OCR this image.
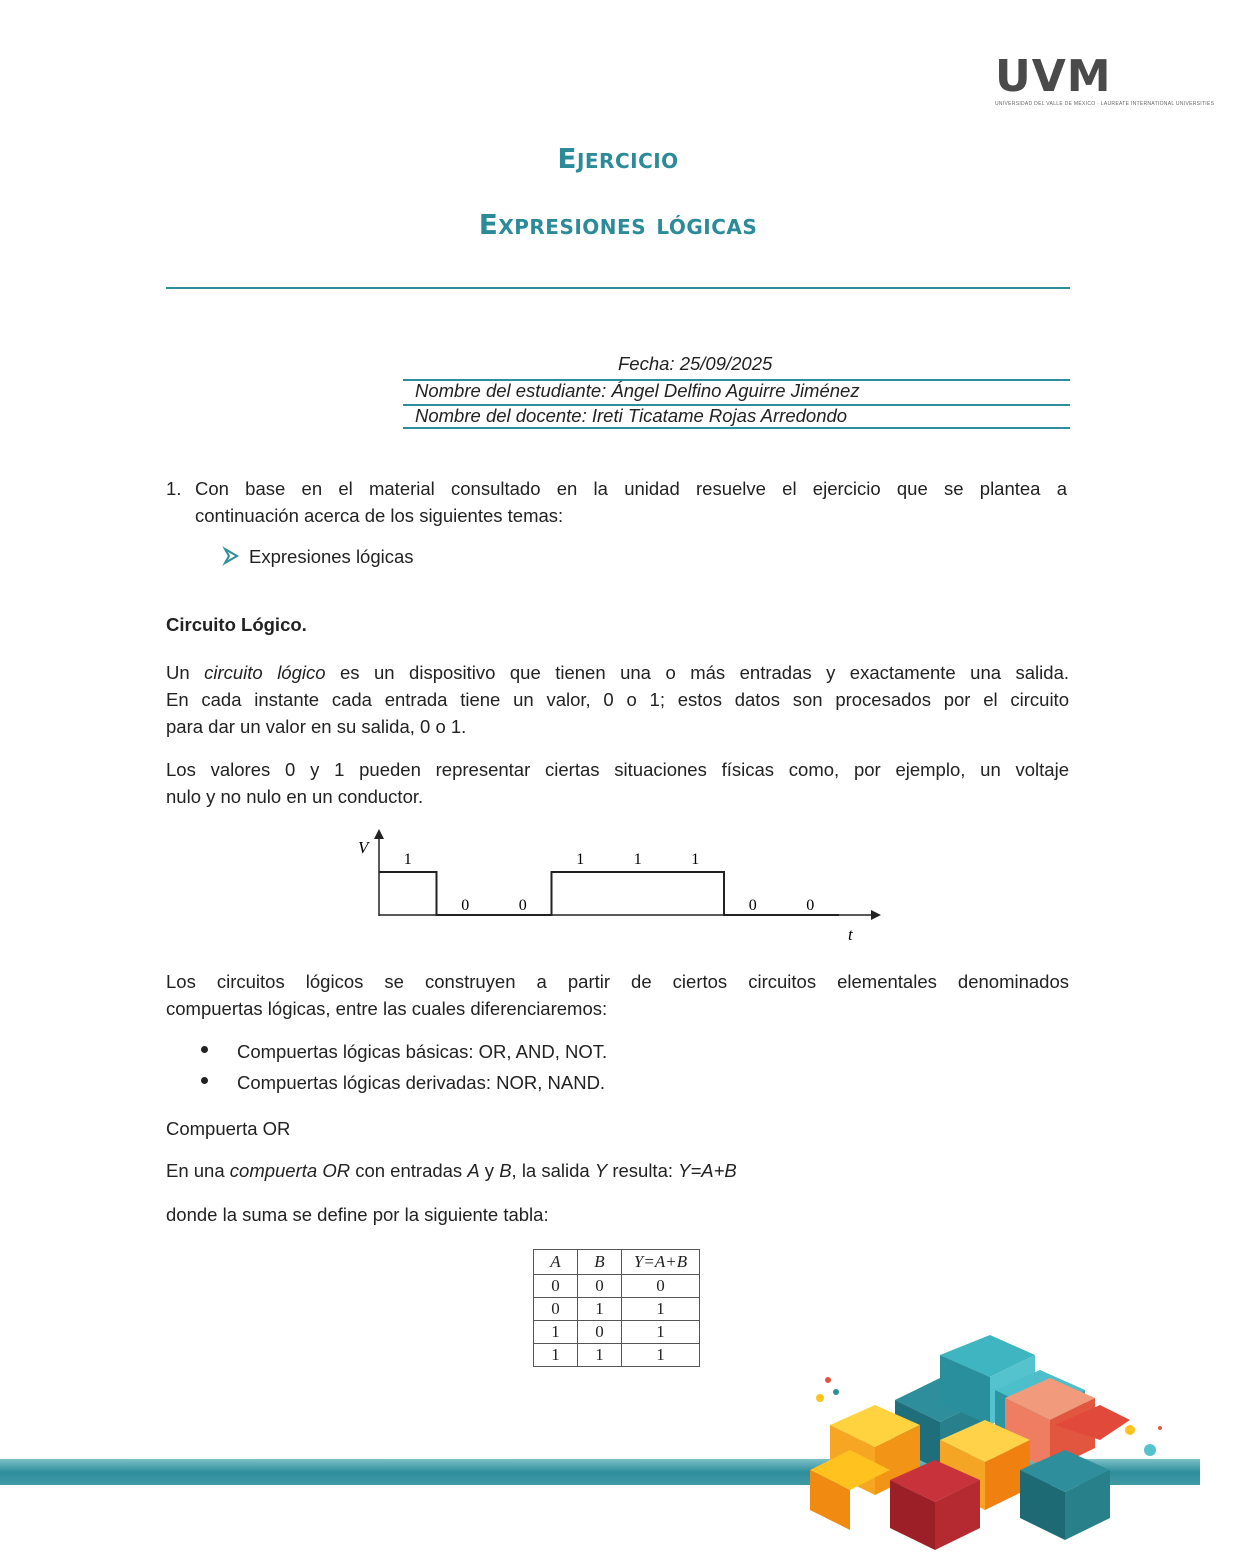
UVM
UNIVERSIDAD DEL VALLE DE MÉXICO · LAUREATE INTERNATIONAL UNIVERSITIES
Ejercicio
Expresiones lógicas
Fecha: 25/09/2025
Nombre del estudiante: Ángel Delfino Aguirre Jiménez
Nombre del docente: Ireti Ticatame Rojas Arredondo
1. Con base en el material consultado en la unidad resuelve el ejercicio que se plantea a
continuación acerca de los siguientes temas:
Expresiones lógicas
Circuito Lógico.
Un circuito lógico es un dispositivo que tienen una o más entradas y exactamente una salida.
En cada instante cada entrada tiene un valor, 0 o 1; estos datos son procesados por el circuito
para dar un valor en su salida, 0 o 1.
Los valores 0 y 1 pueden representar ciertas situaciones físicas como, por ejemplo, un voltaje
nulo y no nulo en un conductor.
V
t
1
0	0
1	1	1
0	0
Los circuitos lógicos se construyen a partir de ciertos circuitos elementales denominados
compuertas lógicas, entre las cuales diferenciaremos:
Compuertas lógicas básicas: OR, AND, NOT.
Compuertas lógicas derivadas: NOR, NAND.
Compuerta OR
En una compuerta OR con entradas A y B, la salida Y resulta: Y=A+B
donde la suma se define por la siguiente tabla:
A	B	Y=A+B
0	0	0
0	1	1
1	0	1
1	1	1
